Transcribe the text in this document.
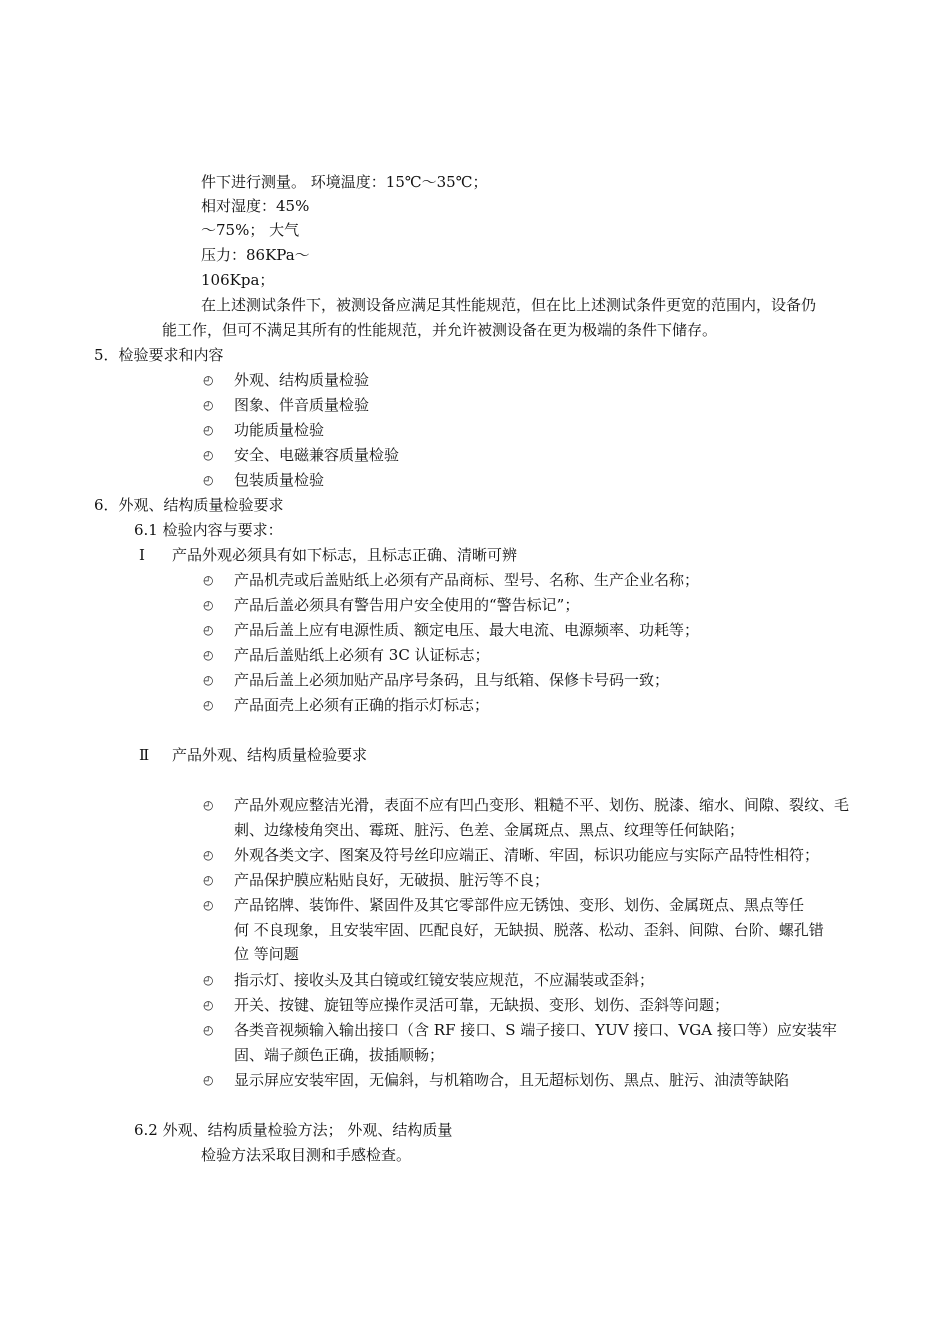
件下进行测量。 环境温度：15℃～35℃；
相对湿度：45%
～75%； 大气
压力：86KPa～
106Kpa；
在上述测试条件下，被测设备应满足其性能规范，但在比上述测试条件更宽的范围内，设备仍
能工作，但可不满足其所有的性能规范，并允许被测设备在更为极端的条件下储存。
5．检验要求和内容
◴ 外观、结构质量检验
◴ 图象、伴音质量检验
◴ 功能质量检验
◴ 安全、电磁兼容质量检验
◴ 包装质量检验
6．外观、结构质量检验要求
6.1 检验内容与要求：
Ⅰ 产品外观必须具有如下标志，且标志正确、清晰可辨
◴ 产品机壳或后盖贴纸上必须有产品商标、型号、名称、生产企业名称；
◴ 产品后盖必须具有警告用户安全使用的“警告标记”；
◴ 产品后盖上应有电源性质、额定电压、最大电流、电源频率、功耗等；
◴ 产品后盖贴纸上必须有 3C 认证标志；
◴ 产品后盖上必须加贴产品序号条码，且与纸箱、保修卡号码一致；
◴ 产品面壳上必须有正确的指示灯标志；
Ⅱ 产品外观、结构质量检验要求
◴ 产品外观应整洁光滑，表面不应有凹凸变形、粗糙不平、划伤、脱漆、缩水、间隙、裂纹、毛
刺、边缘棱角突出、霉斑、脏污、色差、金属斑点、黑点、纹理等任何缺陷；
◴ 外观各类文字、图案及符号丝印应端正、清晰、牢固，标识功能应与实际产品特性相符；
◴ 产品保护膜应粘贴良好，无破损、脏污等不良；
◴ 产品铭牌、装饰件、紧固件及其它零部件应无锈蚀、变形、划伤、金属斑点、黑点等任
何 不良现象，且安装牢固、匹配良好，无缺损、脱落、松动、歪斜、间隙、台阶、螺孔错
位 等问题
◴ 指示灯、接收头及其白镜或红镜安装应规范，不应漏装或歪斜；
◴ 开关、按键、旋钮等应操作灵活可靠，无缺损、变形、划伤、歪斜等问题；
◴ 各类音视频输入输出接口（含 RF 接口、S 端子接口、YUV 接口、VGA 接口等）应安装牢
固、端子颜色正确，拔插顺畅；
◴ 显示屏应安装牢固，无偏斜，与机箱吻合，且无超标划伤、黑点、脏污、油渍等缺陷
6.2 外观、结构质量检验方法； 外观、结构质量
检验方法采取目测和手感检查。
